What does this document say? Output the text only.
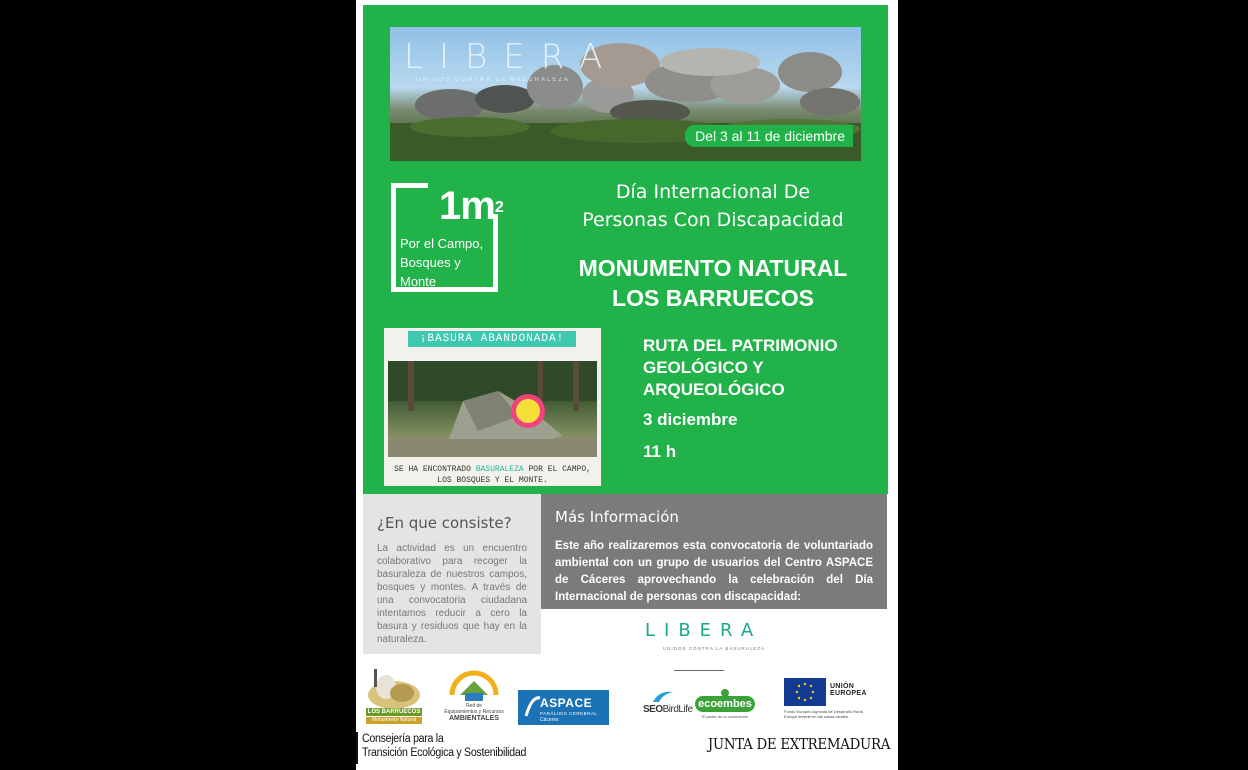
LIBERA
UNIDOS CONTRA LA BASURALEZA
Del 3 al 11 de diciembre
$1m^2$
Por el Campo,
Bosques y
Monte
Día Internacional De
Personas Con Discapacidad
MONUMENTO NATURAL
LOS BARRUECOS
¡BASURA ABANDONADA!
SE HA ENCONTRADO BASURALEZA POR EL CAMPO,
LOS BOSQUES Y EL MONTE.
RUTA DEL PATRIMONIO
GEOLÓGICO Y
ARQUEOLÓGICO
3 diciembre
11 h
¿En que consiste?

La actividad es un encuentro colaborativo para recoger la basuraleza de nuestros campos, bosques y montes. A través de una convocatoria ciudadana intentamos reducir a cero la basura y residuos que hay en la naturaleza.

Más Información

Este año realizaremos esta convocatoria de voluntariado ambiental con un grupo de usuarios del Centro ASPACE de Cáceres aprovechando la celebración del Día Internacional de personas con discapacidad:

LIBERA
UNIDOS CONTRA LA BASURALEZA
LOS BARRUECOS
Monumento Natural
Red de
Equipamientos y Recursos
AMBIENTALES
ASPACE
PARÁLISIS CEREBRAL
Cáceres
SEOBirdLife ecoembes
El poder de tu contenedor
UNIÓN EUROPEA
Fondo Europeo Agrícola de Desarrollo Rural
Europa invierte en las zonas rurales
Consejería para la
Transición Ecológica y Sostenibilidad	JUNTA DE EXTREMADURA
